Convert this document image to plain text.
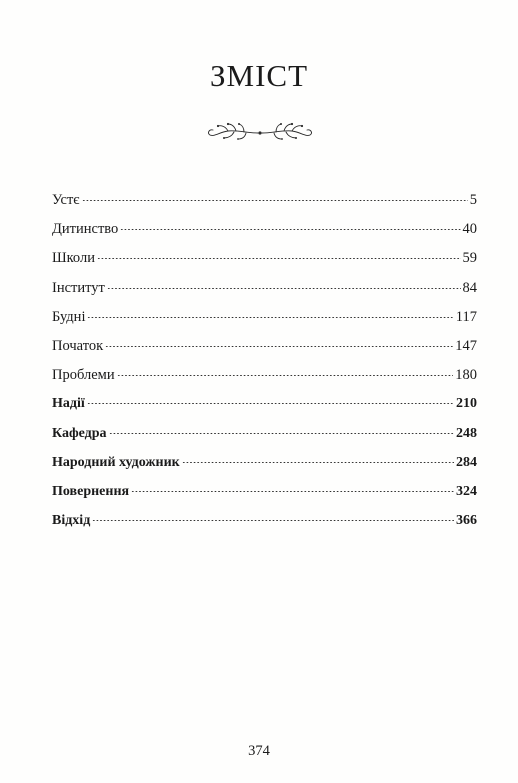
ЗМІСТ
Устє	5
Дитинство	40
Школи	59
Інститут	84
Будні	117
Початок	147
Проблеми	180
Надії	210
Кафедра	248
Народний художник	284
Повернення	324
Відхід	366
374
